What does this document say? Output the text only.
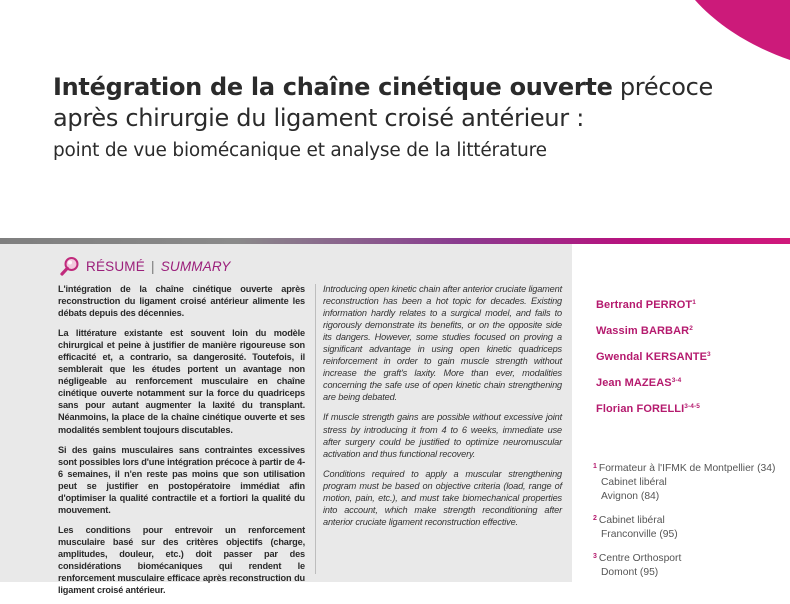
Intégration de la chaîne cinétique ouverte précoce
après chirurgie du ligament croisé antérieur :
point de vue biomécanique et analyse de la littérature
RÉSUMÉ | SUMMARY

L'intégration de la chaîne cinétique ouverte après reconstruction du ligament croisé antérieur alimente les débats depuis des décennies.

La littérature existante est souvent loin du modèle chirurgical et peine à justifier de manière rigoureuse son efficacité et, a contrario, sa dangerosité. Toutefois, il semblerait que les études portent un avantage non négligeable au renforcement musculaire en chaîne cinétique ouverte notamment sur la force du quadriceps sans pour autant augmenter la laxité du transplant. Néanmoins, la place de la chaîne cinétique ouverte et ses modalités semblent toujours discutables.

Si des gains musculaires sans contraintes excessives sont possibles lors d'une intégration précoce à partir de 4-6 semaines, il n'en reste pas moins que son utilisation peut se justifier en postopératoire immédiat afin d'optimiser la qualité contractile et a fortiori la qualité du mouvement.

Les conditions pour entrevoir un renforcement musculaire basé sur des critères objectifs (charge, amplitudes, douleur, etc.) doit passer par des considérations biomécaniques qui rendent le renforcement musculaire efficace après reconstruction du ligament croisé antérieur.

Introducing open kinetic chain after anterior cruciate ligament reconstruction has been a hot topic for decades. Existing information hardly relates to a surgical model, and fails to rigorously demonstrate its benefits, or on the opposite side its dangers. However, some studies focused on proving a significant advantage in using open kinetic quadriceps reinforcement in order to gain muscle strength without increase the graft's laxity. More than ever, modalities concerning the safe use of open kinetic chain strengthening are being debated.

If muscle strength gains are possible without excessive joint stress by introducing it from 4 to 6 weeks, immediate use after surgery could be justified to optimize neuromuscular activation and thus functional recovery.

Conditions required to apply a muscular strengthening program must be based on objective criteria (load, range of motion, pain, etc.), and must take biomechanical properties into account, which make strength reconditioning after anterior cruciate ligament reconstruction effective.

Bertrand PERROT$^1$
Wassim BARBAR$^2$
Gwendal KERSANTE$^3$
Jean MAZEAS$^{3-4}$
Florian FORELLI$^{3-4-5}$
$^1$ Formateur à l'IFMK de Montpellier (34)
Cabinet libéral
Avignon (84)
$^2$ Cabinet libéral
Franconville (95)
$^3$ Centre Orthosport
Domont (95)
